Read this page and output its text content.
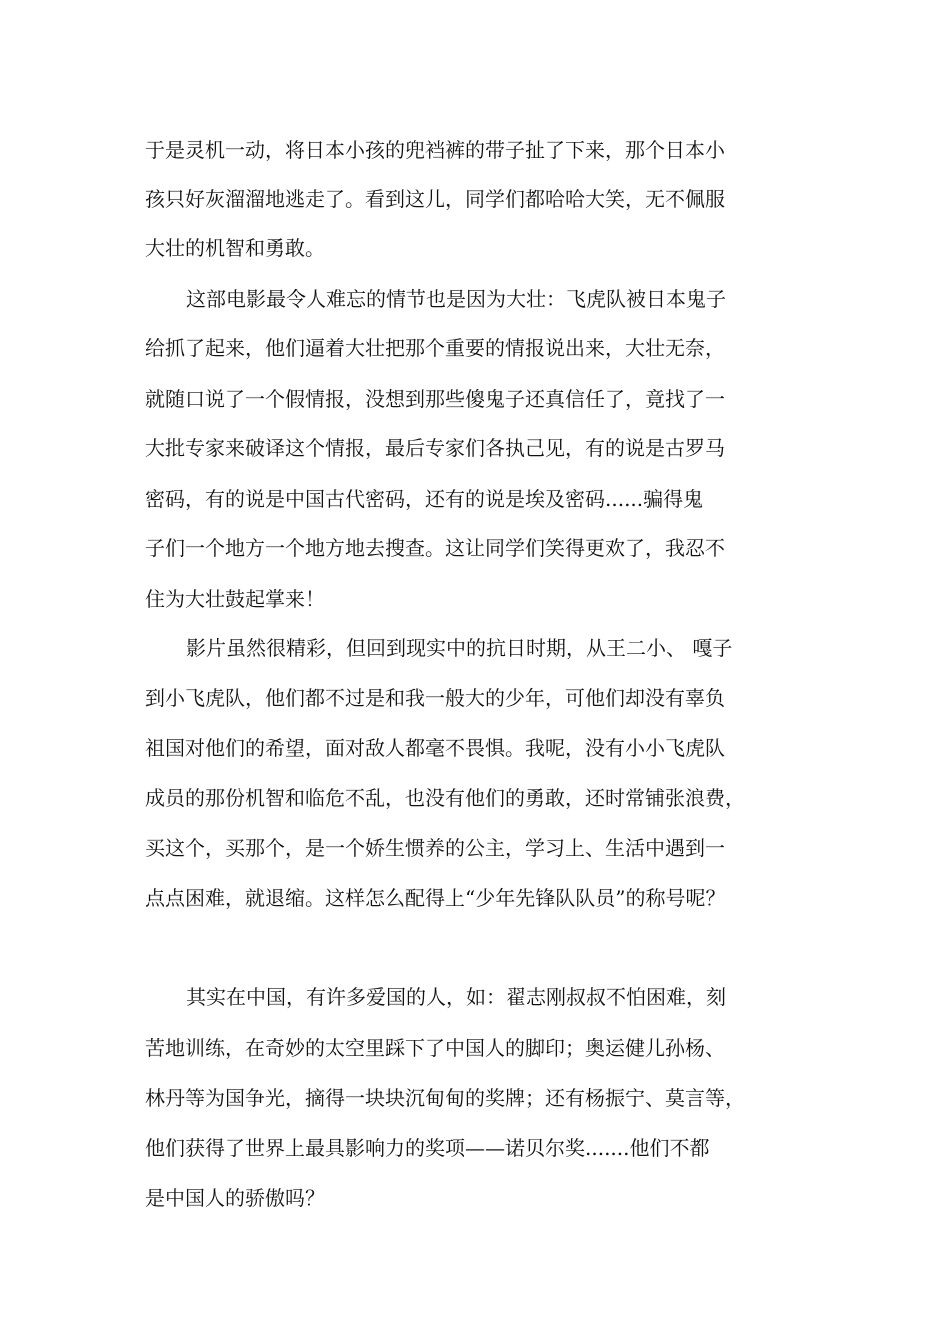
于是灵机一动，将日本小孩的兜裆裤的带子扯了下来，那个日本小

孩只好灰溜溜地逃走了。看到这儿，同学们都哈哈大笑，无不佩服

大壮的机智和勇敢。

这部电影最令人难忘的情节也是因为大壮：飞虎队被日本鬼子

给抓了起来，他们逼着大壮把那个重要的情报说出来，大壮无奈，

就随口说了一个假情报，没想到那些傻鬼子还真信任了，竟找了一

大批专家来破译这个情报，最后专家们各执己见，有的说是古罗马

密码，有的说是中国古代密码，还有的说是埃及密码......骗得鬼

子们一个地方一个地方地去搜查。这让同学们笑得更欢了，我忍不

住为大壮鼓起掌来！

影片虽然很精彩，但回到现实中的抗日时期，从王二小、 嘎子

到小飞虎队，他们都不过是和我一般大的少年，可他们却没有辜负

祖国对他们的希望，面对敌人都毫不畏惧。我呢，没有小小飞虎队

成员的那份机智和临危不乱，也没有他们的勇敢，还时常铺张浪费，

买这个，买那个，是一个娇生惯养的公主，学习上、生活中遇到一

点点困难，就退缩。这样怎么配得上“少年先锋队队员”的称号呢？

其实在中国，有许多爱国的人，如：翟志刚叔叔不怕困难，刻

苦地训练，在奇妙的太空里踩下了中国人的脚印；奥运健儿孙杨、

林丹等为国争光，摘得一块块沉甸甸的奖牌；还有杨振宁、莫言等，

他们获得了世界上最具影响力的奖项——诺贝尔奖.......他们不都

是中国人的骄傲吗？
